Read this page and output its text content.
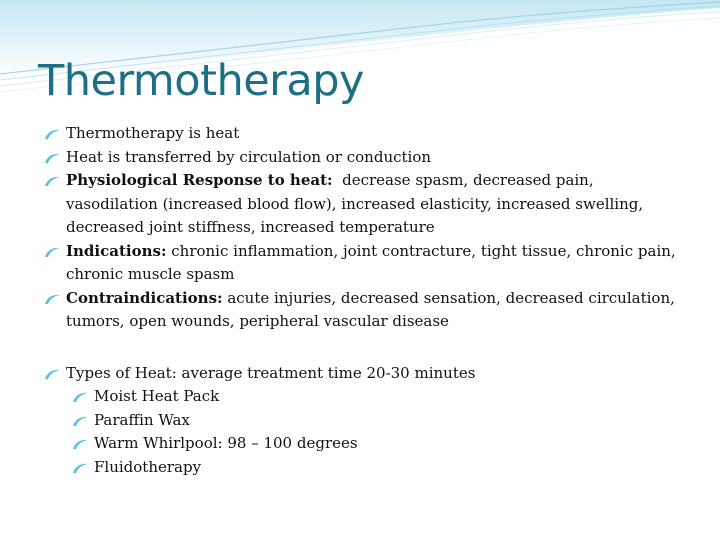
Thermotherapy
Thermotherapy is heat
Heat is transferred by circulation or conduction
Physiological Response to heat:  decrease spasm, decreased pain, vasodilation (increased blood flow), increased elasticity, increased swelling, decreased joint stiffness, increased temperature
Indications: chronic inflammation, joint contracture, tight tissue, chronic pain, chronic muscle spasm
Contraindications: acute injuries, decreased sensation, decreased circulation, tumors, open wounds, peripheral vascular disease
Types of Heat: average treatment time 20-30 minutes
Moist Heat Pack
Paraffin Wax
Warm Whirlpool: 98 – 100 degrees
Fluidotherapy
